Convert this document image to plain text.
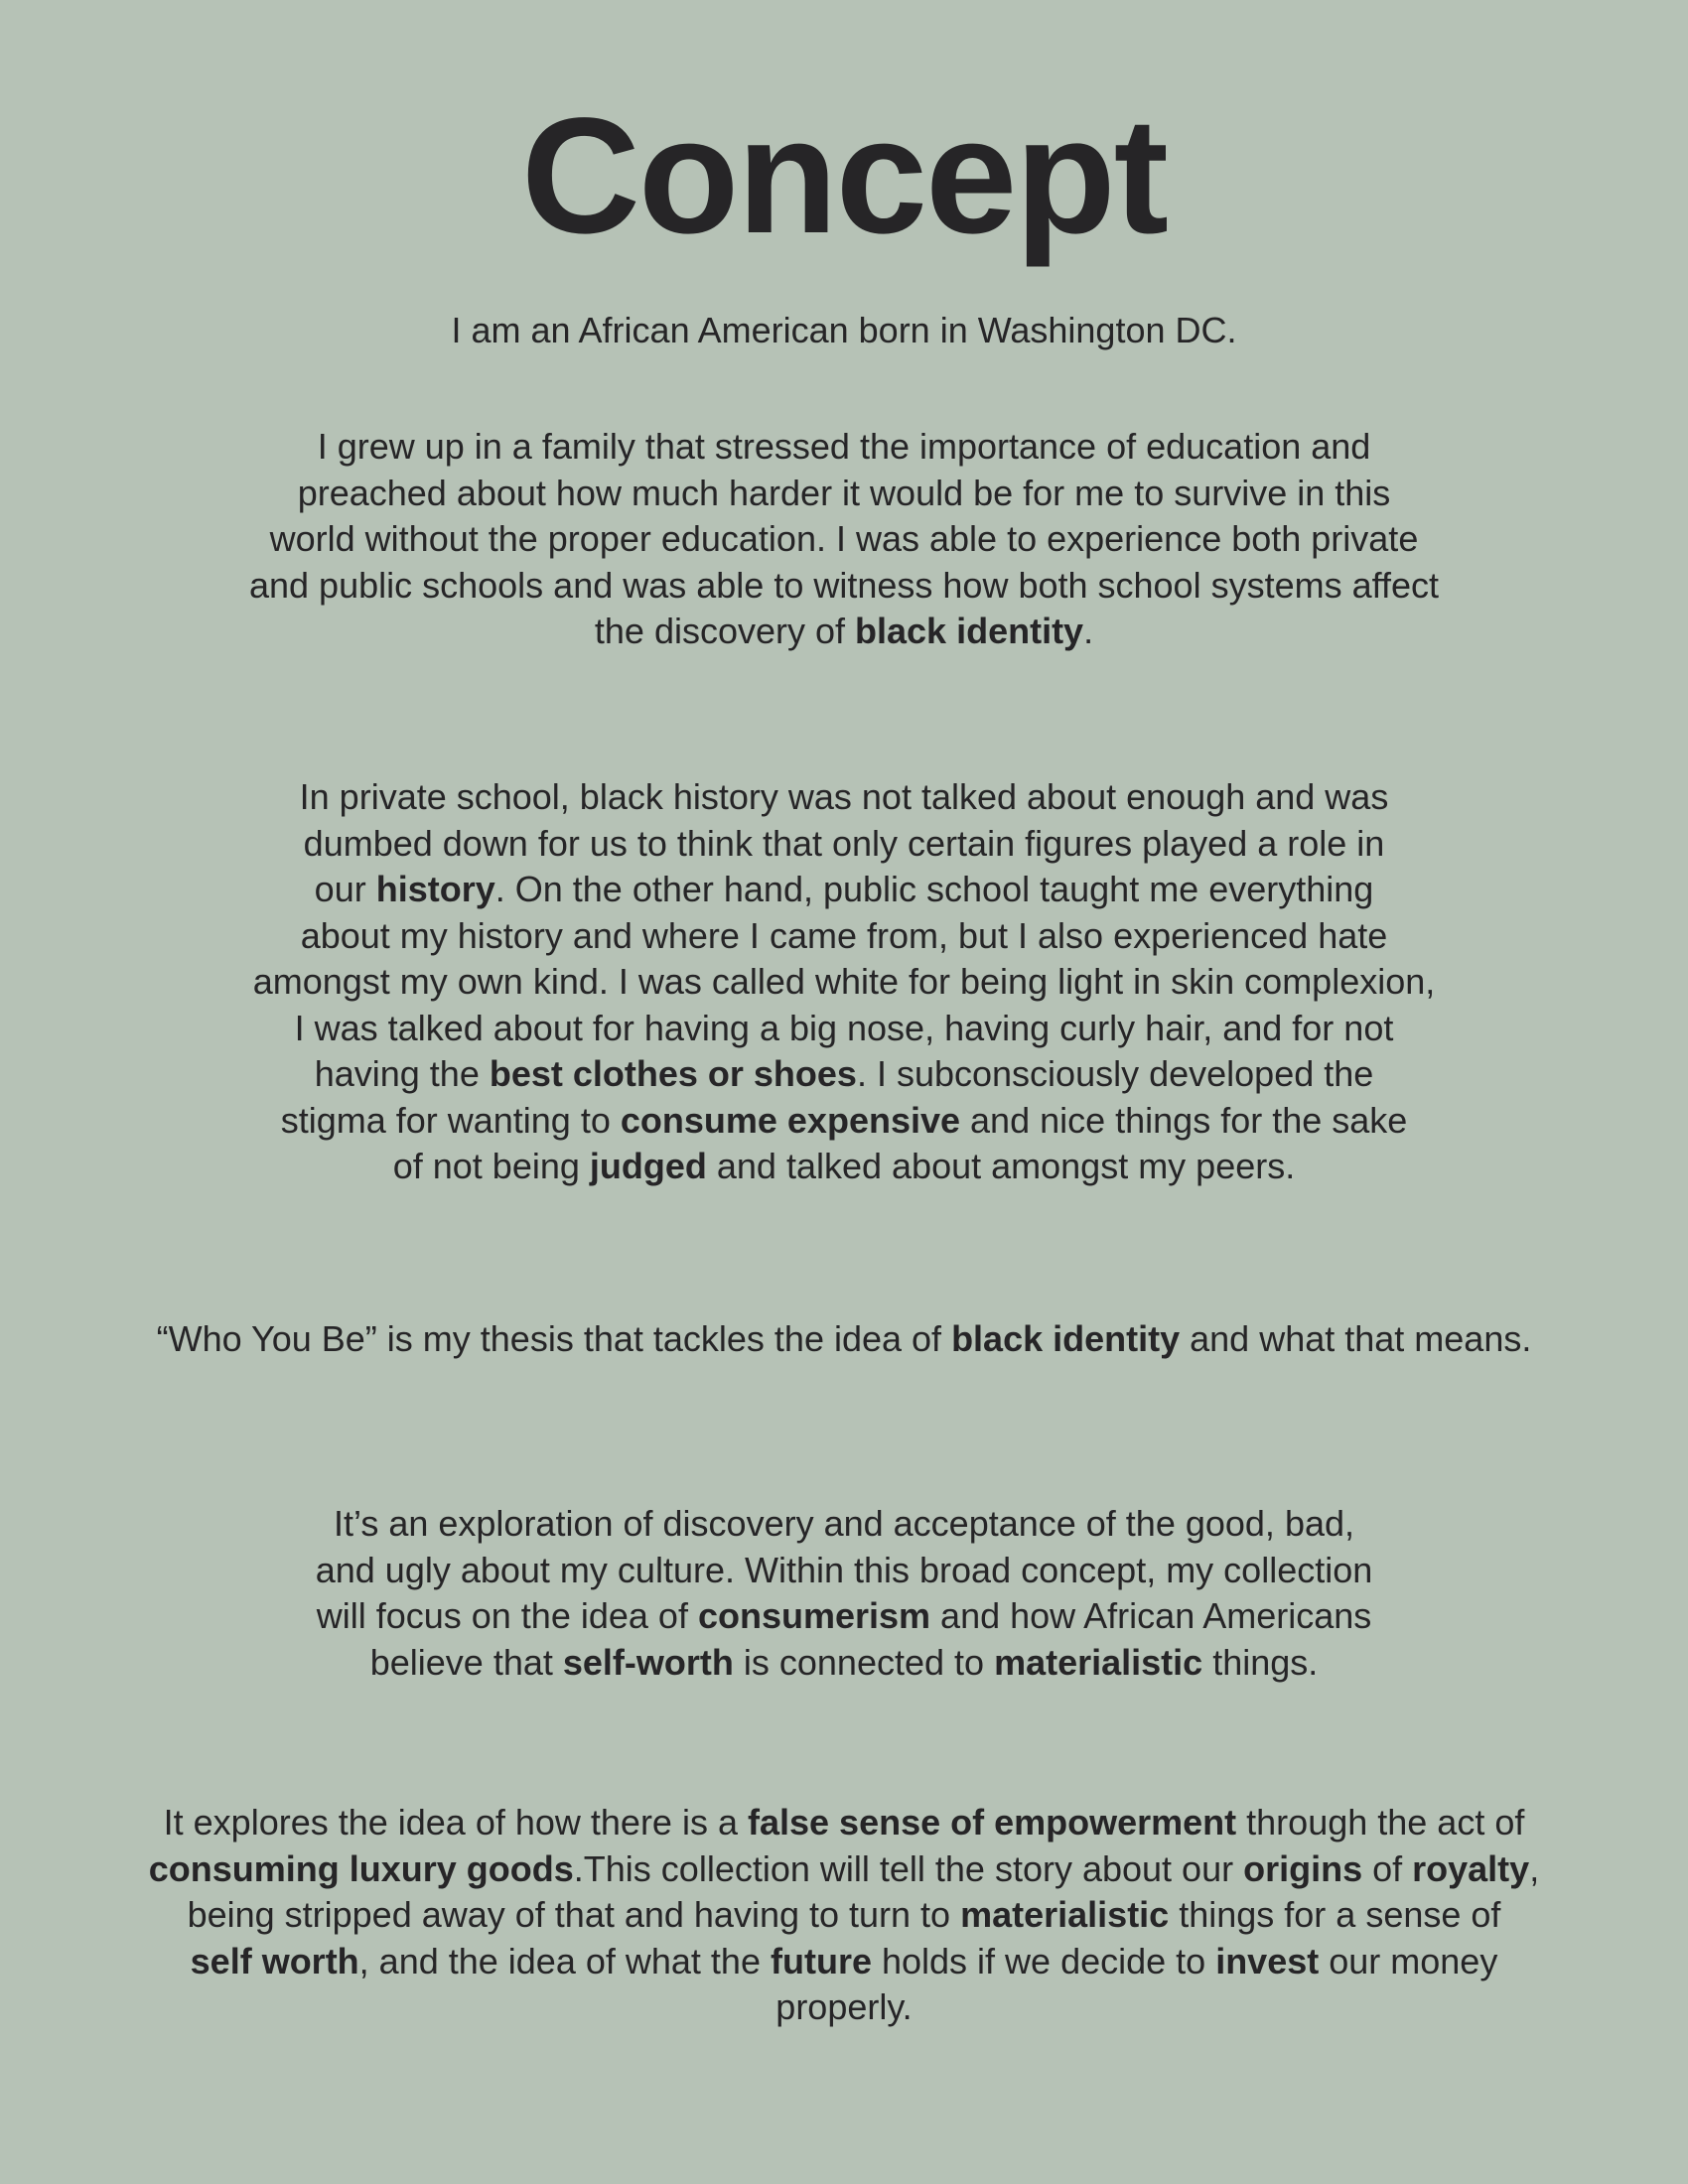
Concept
I am an African American born in Washington DC.
I grew up in a family that stressed the importance of education and
preached about how much harder it would be for me to survive in this
world without the proper education. I was able to experience both private
and public schools and was able to witness how both school systems affect
the discovery of black identity.
In private school, black history was not talked about enough and was
dumbed down for us to think that only certain figures played a role in
our history. On the other hand, public school taught me everything
about my history and where I came from, but I also experienced hate
amongst my own kind. I was called white for being light in skin complexion,
I was talked about for having a big nose, having curly hair, and for not
having the best clothes or shoes. I subconsciously developed the
stigma for wanting to consume expensive and nice things for the sake
of not being judged and talked about amongst my peers.
“Who You Be” is my thesis that tackles the idea of black identity and what that means.
It’s an exploration of discovery and acceptance of the good, bad,
and ugly about my culture. Within this broad concept, my collection
will focus on the idea of consumerism and how African Americans
believe that self-worth is connected to materialistic things.
It explores the idea of how there is a false sense of empowerment through the act of
consuming luxury goods.This collection will tell the story about our origins of royalty,
being stripped away of that and having to turn to materialistic things for a sense of
self worth, and the idea of what the future holds if we decide to invest our money
properly.
